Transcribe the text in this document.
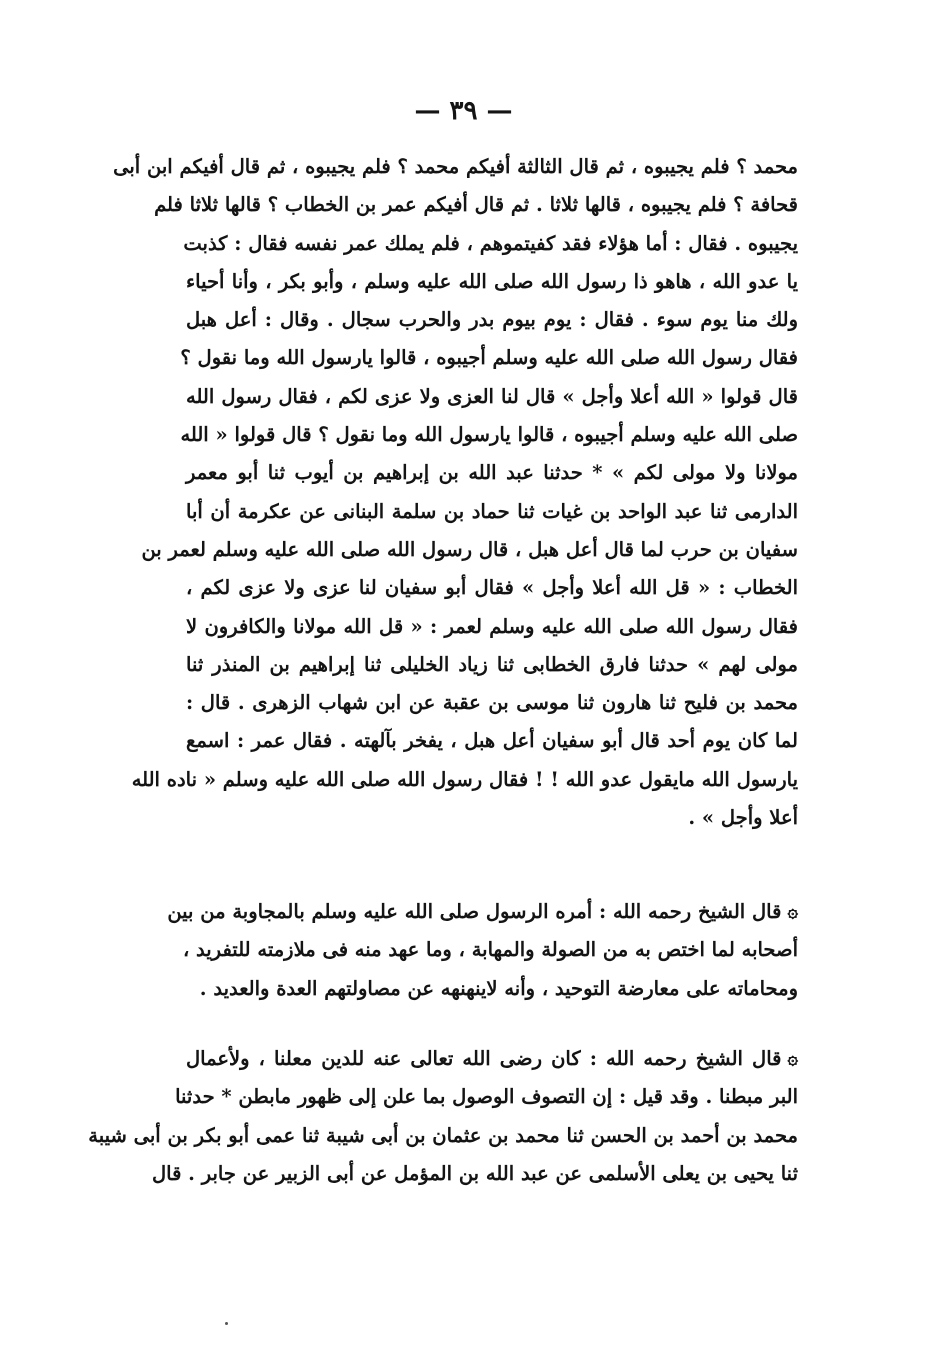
— ٣٩ —
محمد ؟ فلم يجيبوه ، ثم قال الثالثة أفيكم محمد ؟ فلم يجيبوه ، ثم قال أفيكم ابن أبى
قحافة ؟ فلم يجيبوه ، قالها ثلاثا . ثم قال أفيكم عمر بن الخطاب ؟ قالها ثلاثا فلم
يجيبوه . فقال : أما هؤلاء فقد كفيتموهم ، فلم يملك عمر نفسه فقال : كذبت
يا عدو الله ، هاهو ذا رسول الله صلى الله عليه وسلم ، وأبو بكر ، وأنا أحياء
ولك منا يوم سوء . فقال : يوم بيوم بدر والحرب سجال . وقال : أعل هبل
فقال رسول الله صلى الله عليه وسلم أجيبوه ، قالوا يارسول الله وما نقول ؟
قال قولوا « الله أعلا وأجل » قال لنا العزى ولا عزى لكم ، فقال رسول الله
صلى الله عليه وسلم أجيبوه ، قالوا يارسول الله وما نقول ؟ قال قولوا « الله
مولانا ولا مولى لكم » * حدثنا عبد الله بن إبراهيم بن أيوب ثنا أبو معمر
الدارمى ثنا عبد الواحد بن غيات ثنا حماد بن سلمة البنانى عن عكرمة أن أبا
سفيان بن حرب لما قال أعل هبل ، قال رسول الله صلى الله عليه وسلم لعمر بن
الخطاب : « قل الله أعلا وأجل » فقال أبو سفيان لنا عزى ولا عزى لكم ،
فقال رسول الله صلى الله عليه وسلم لعمر : « قل الله مولانا والكافرون لا
مولى لهم » حدثنا فارق الخطابى ثنا زياد الخليلى ثنا إبراهيم بن المنذر ثنا
محمد بن فليح ثنا هارون ثنا موسى بن عقبة عن ابن شهاب الزهرى . قال :
لما كان يوم أحد قال أبو سفيان أعل هبل ، يفخر بآلهته . فقال عمر : اسمع
يارسول الله مايقول عدو الله ! ! فقال رسول الله صلى الله عليه وسلم « ناده الله
أعلا وأجل » .
۞قال الشيخ رحمه الله : أمره الرسول صلى الله عليه وسلم بالمجاوبة من بين
أصحابه لما اختص به من الصولة والمهابة ، وما عهد منه فى ملازمته للتفريد ،
ومحاماته على معارضة التوحيد ، وأنه لاينهنهه عن مصاولتهم العدة والعديد .
۞قال الشيخ رحمه الله : كان رضى الله تعالى عنه للدين معلنا ، ولأعمال
البر مبطنا . وقد قيل : إن التصوف الوصول بما علن إلى ظهور مابطن * حدثنا
محمد بن أحمد بن الحسن ثنا محمد بن عثمان بن أبى شيبة ثنا عمى أبو بكر بن أبى شيبة
ثنا يحيى بن يعلى الأسلمى عن عبد الله بن المؤمل عن أبى الزبير عن جابر . قال
